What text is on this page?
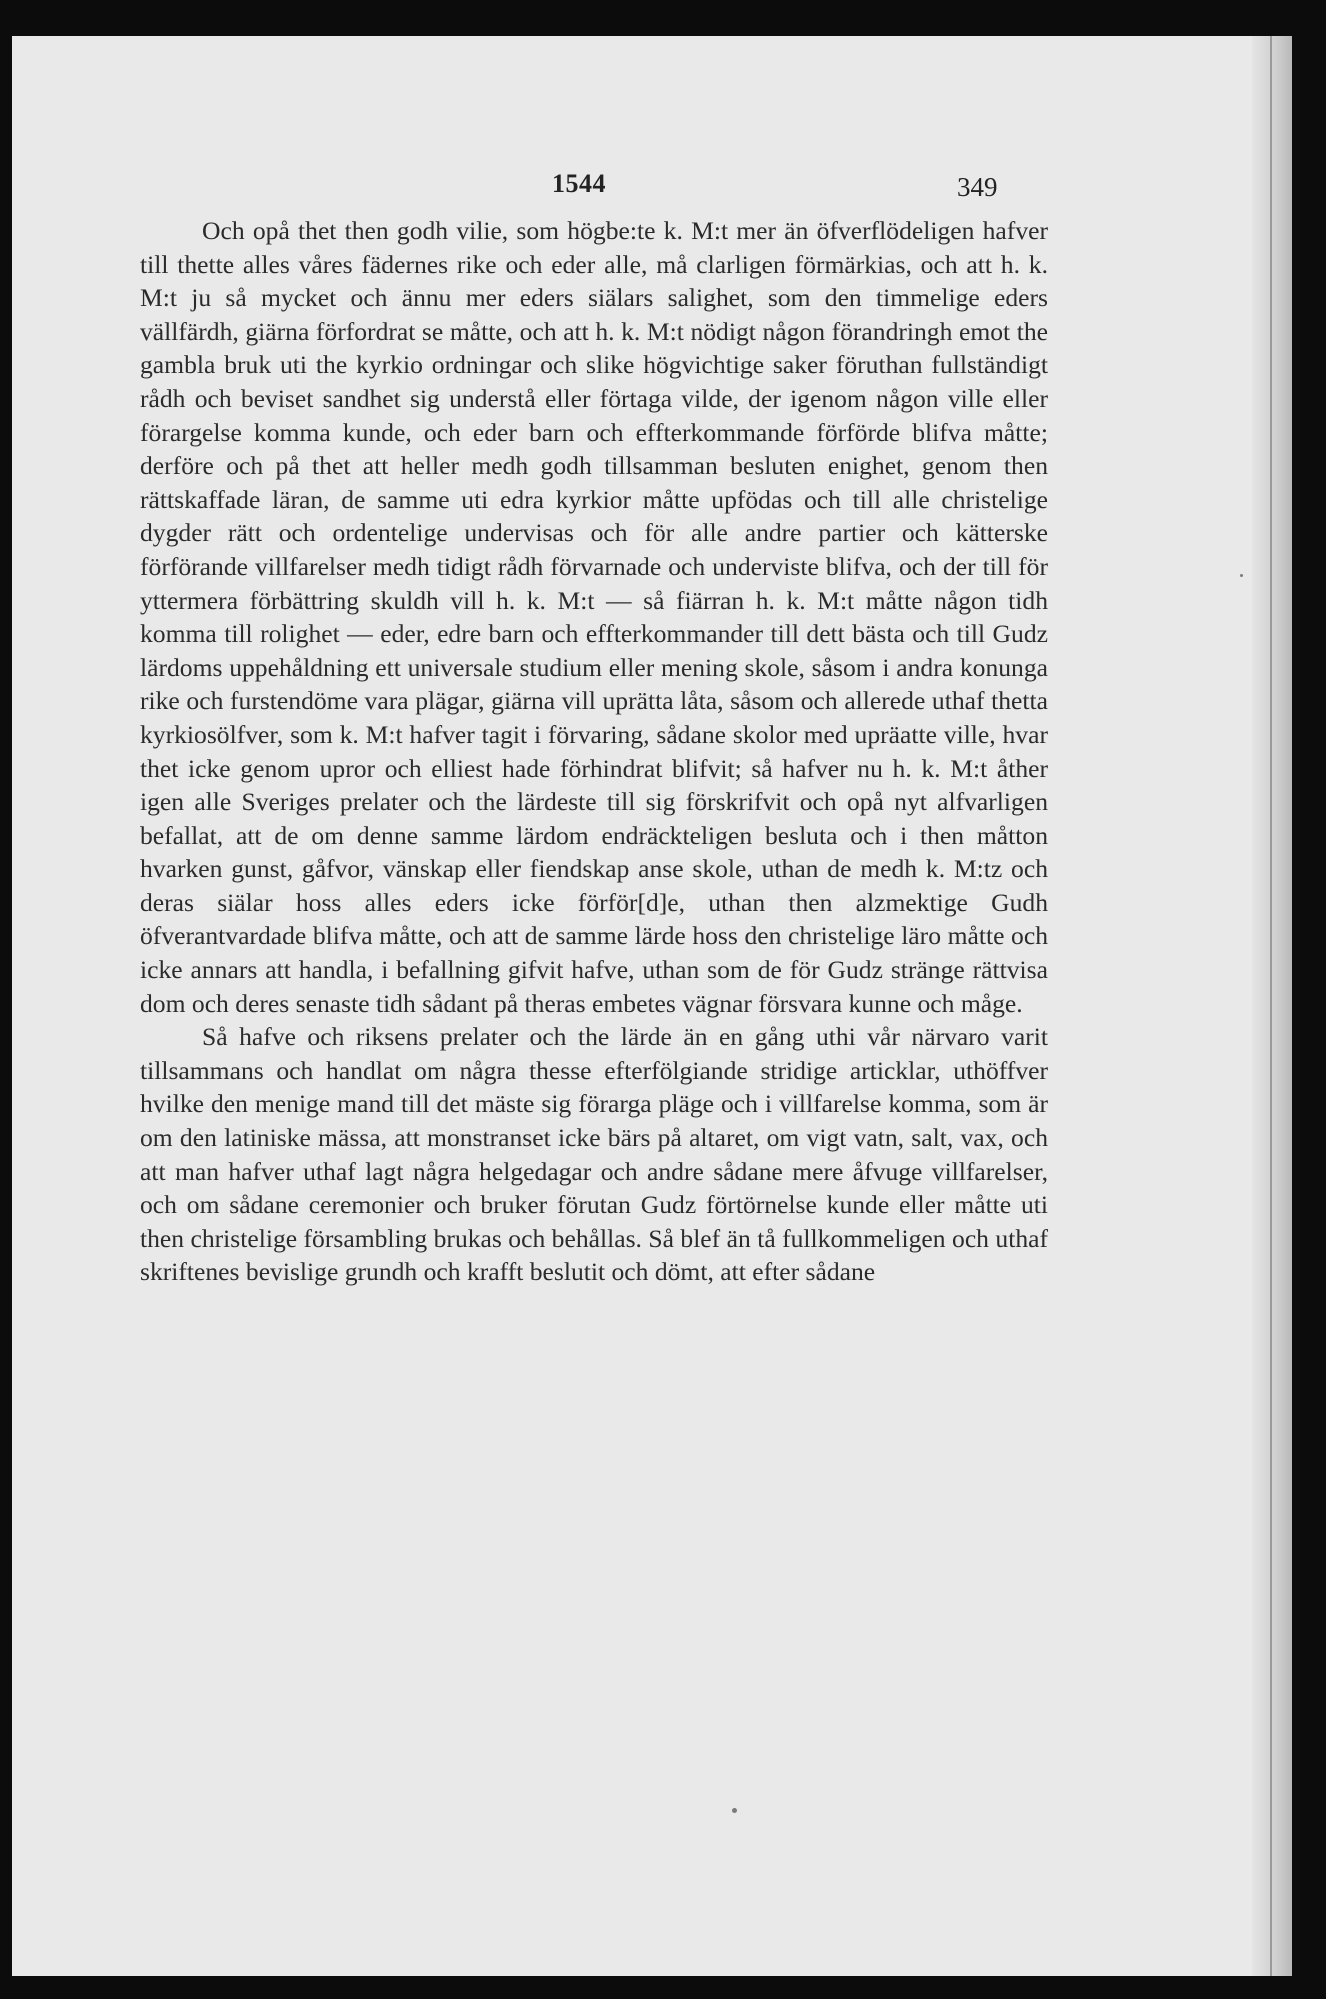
1544	349

Och opå thet then godh vilie, som högbe:te k. M:t mer än öfverflödeligen hafver till thette alles våres fädernes rike och eder alle, må clarligen förmärkias, och att h. k. M:t ju så mycket och ännu mer eders siälars salighet, som den timmelige eders vällfärdh, giärna förfordrat se måtte, och att h. k. M:t nödigt någon förandringh emot the gambla bruk uti the kyrkio ordningar och slike högvichtige saker föruthan fullständigt rådh och beviset sandhet sig understå eller förtaga vilde, der igenom någon ville eller förargelse komma kunde, och eder barn och effterkommande förförde blifva måtte; derföre och på thet att heller medh godh tillsamman besluten enighet, genom then rättskaffade läran, de samme uti edra kyrkior måtte upfödas och till alle christelige dygder rätt och ordentelige undervisas och för alle andre partier och kätterske förförande villfarelser medh tidigt rådh förvarnade och underviste blifva, och der till för yttermera förbättring skuldh vill h. k. M:t — så fiärran h. k. M:t måtte någon tidh komma till rolighet — eder, edre barn och effterkommander till dett bästa och till Gudz lärdoms uppehåldning ett universale studium eller mening skole, såsom i andra konunga rike och furstendöme vara plägar, giärna vill uprätta låta, såsom och allerede uthaf thetta kyrkiosölfver, som k. M:t hafver tagit i förvaring, sådane skolor med upräatte ville, hvar thet icke genom upror och elliest hade förhindrat blifvit; så hafver nu h. k. M:t åther igen alle Sveriges prelater och the lärdeste till sig förskrifvit och opå nyt alfvarligen befallat, att de om denne samme lärdom endräckteligen besluta och i then måtton hvarken gunst, gåfvor, vänskap eller fiendskap anse skole, uthan de medh k. M:tz och deras siälar hoss alles eders icke förför[d]e, uthan then alzmektige Gudh öfverantvardade blifva måtte, och att de samme lärde hoss den christelige läro måtte och icke annars att handla, i befallning gifvit hafve, uthan som de för Gudz stränge rättvisa dom och deres senaste tidh sådant på theras embetes vägnar försvara kunne och måge.

Så hafve och riksens prelater och the lärde än en gång uthi vår närvaro varit tillsammans och handlat om några thesse efterfölgiande stridige articklar, uthöffver hvilke den menige mand till det mäste sig förarga pläge och i villfarelse komma, som är om den latiniske mässa, att monstranset icke bärs på altaret, om vigt vatn, salt, vax, och att man hafver uthaf lagt några helgedagar och andre sådane mere åfvuge villfarelser, och om sådane ceremonier och bruker förutan Gudz förtörnelse kunde eller måtte uti then christelige försambling brukas och behållas. Så blef än tå fullkommeligen och uthaf skriftenes bevislige grundh och krafft beslutit och dömt, att efter sådane
